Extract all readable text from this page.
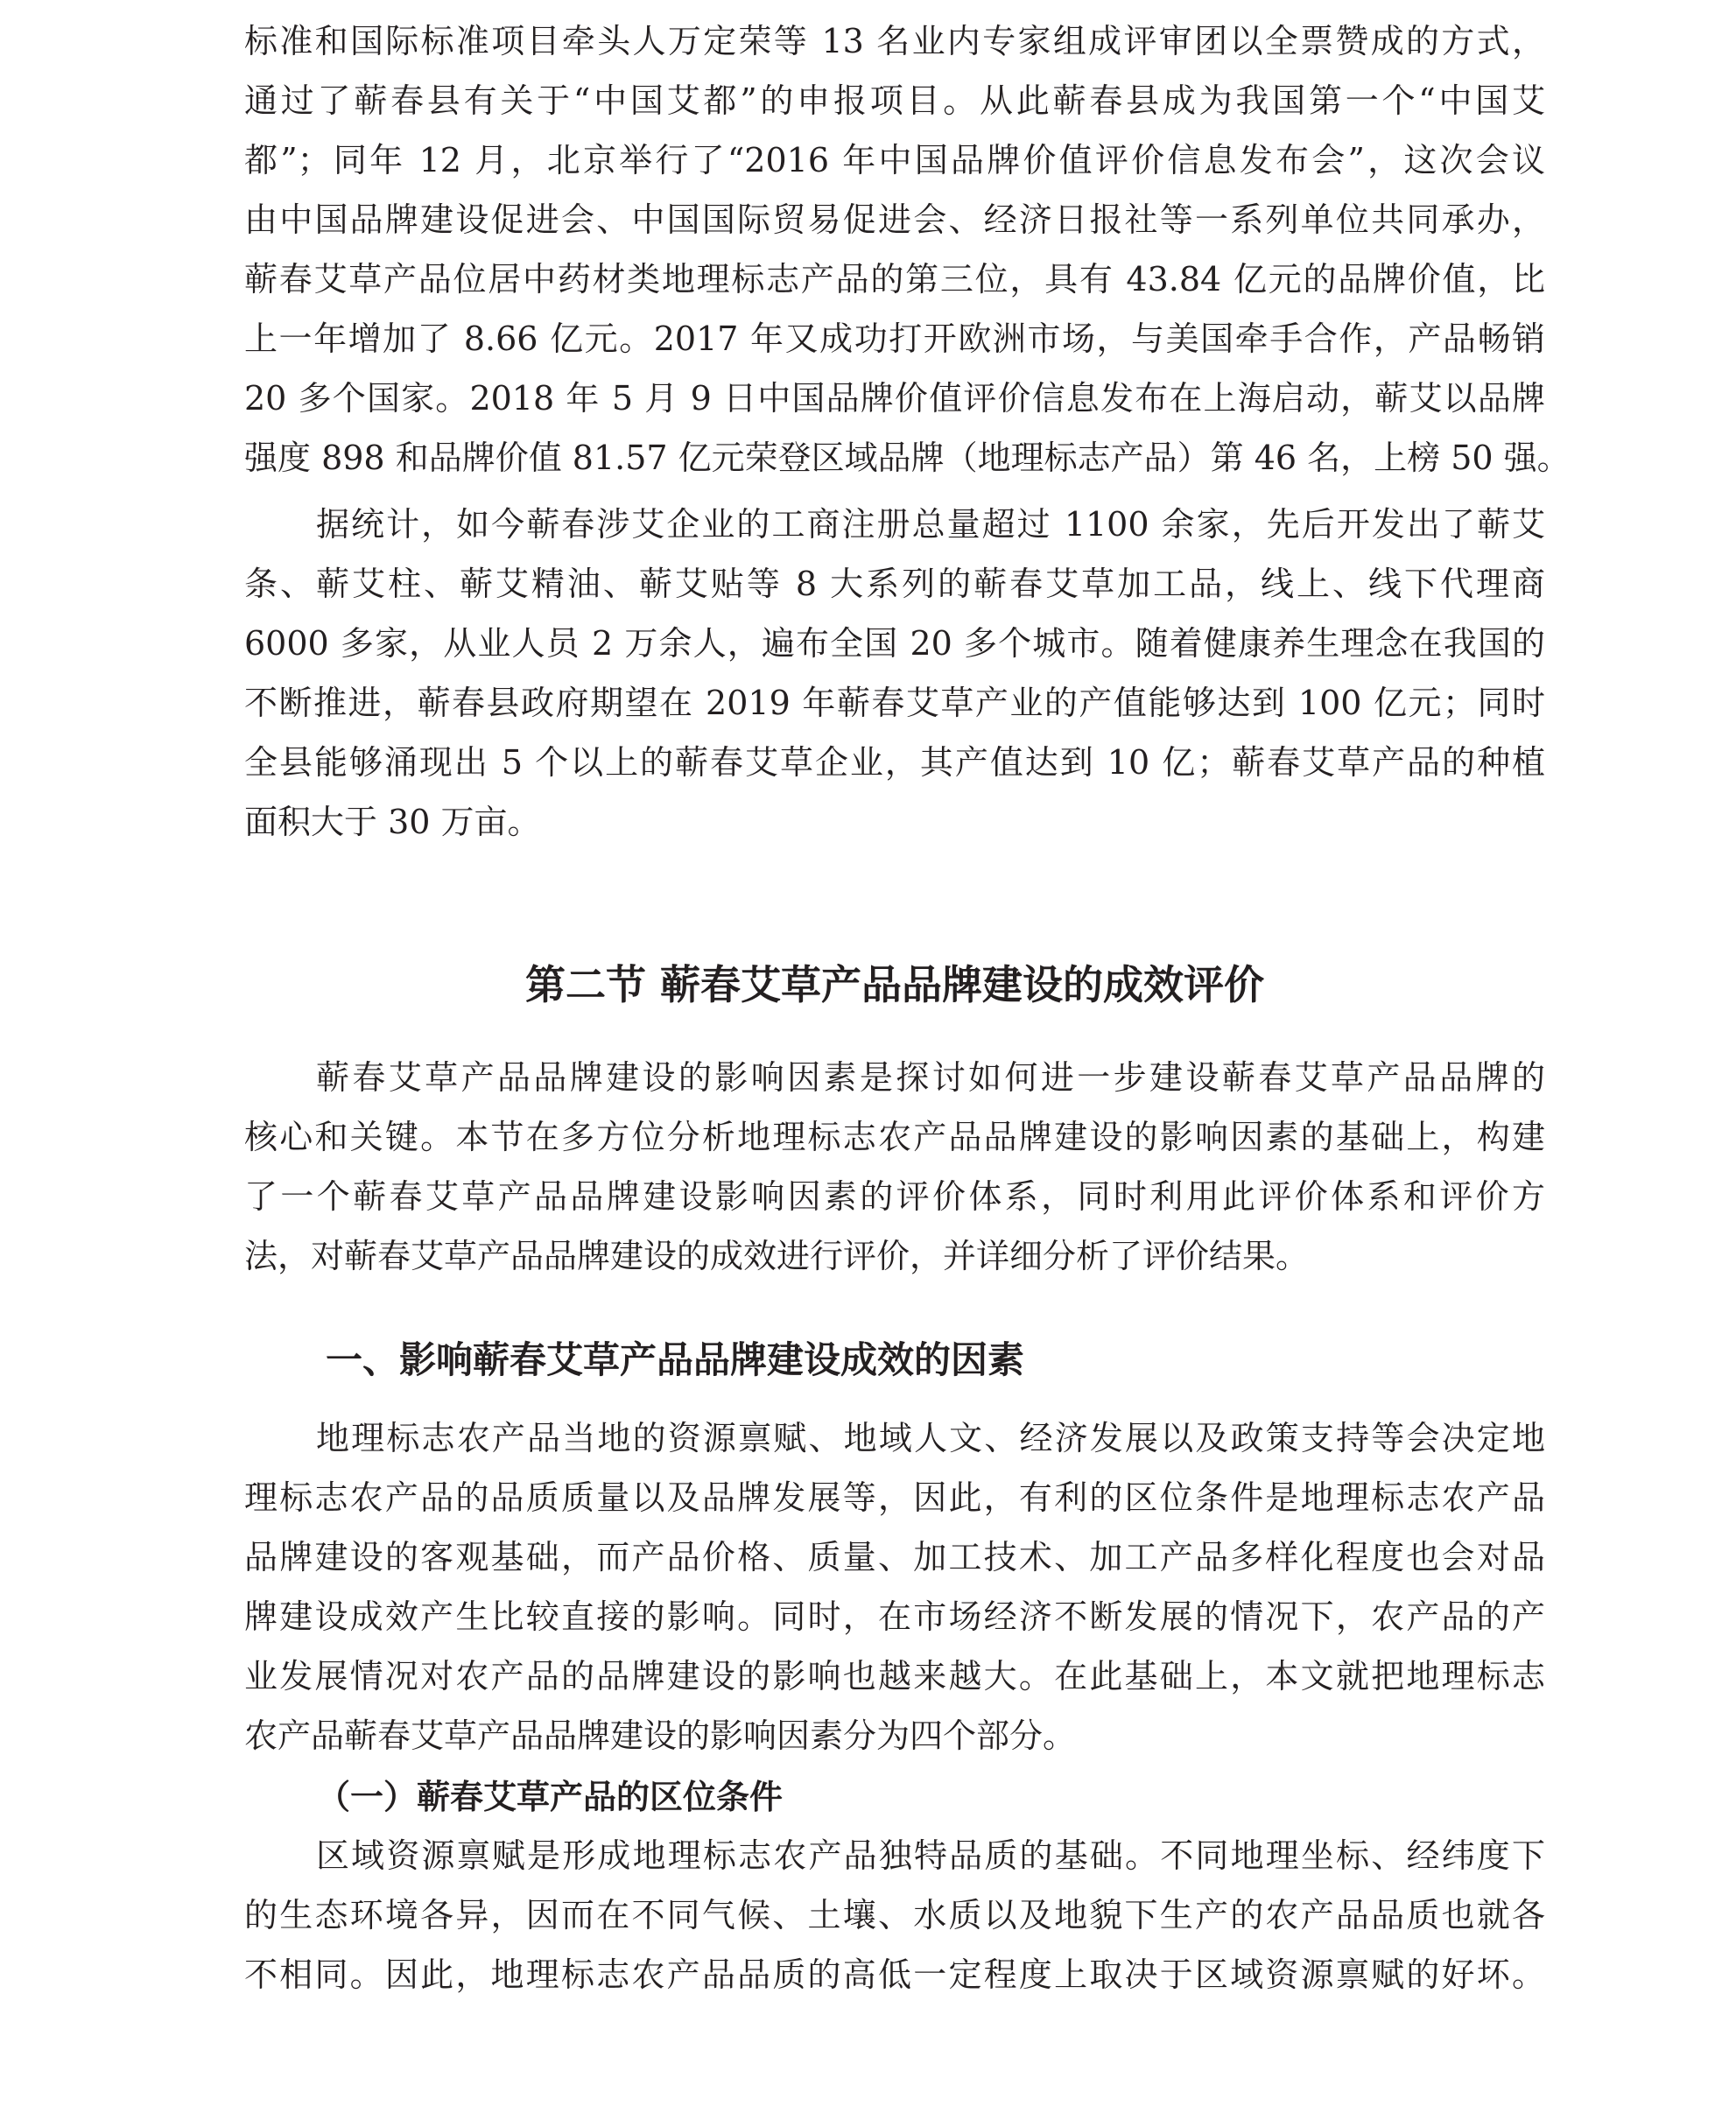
标准和国际标准项目牵头人万定荣等 13 名业内专家组成评审团以全票赞成的方式，
通过了蕲春县有关于“中国艾都”的申报项目。从此蕲春县成为我国第一个“中国艾
都”；同年 12 月，北京举行了“2016 年中国品牌价值评价信息发布会”，这次会议
由中国品牌建设促进会、中国国际贸易促进会、经济日报社等一系列单位共同承办，
蕲春艾草产品位居中药材类地理标志产品的第三位，具有 43.84 亿元的品牌价值，比
上一年增加了 8.66 亿元。2017 年又成功打开欧洲市场，与美国牵手合作，产品畅销
20 多个国家。2018 年 5 月 9 日中国品牌价值评价信息发布在上海启动，蕲艾以品牌
强度 898 和品牌价值 81.57 亿元荣登区域品牌（地理标志产品）第 46 名，上榜 50 强。
据统计，如今蕲春涉艾企业的工商注册总量超过 1100 余家，先后开发出了蕲艾
条、蕲艾柱、蕲艾精油、蕲艾贴等 8 大系列的蕲春艾草加工品，线上、线下代理商
6000 多家，从业人员 2 万余人，遍布全国 20 多个城市。随着健康养生理念在我国的
不断推进，蕲春县政府期望在 2019 年蕲春艾草产业的产值能够达到 100 亿元；同时
全县能够涌现出 5 个以上的蕲春艾草企业，其产值达到 10 亿；蕲春艾草产品的种植
面积大于 30 万亩。
第二节 蕲春艾草产品品牌建设的成效评价
蕲春艾草产品品牌建设的影响因素是探讨如何进一步建设蕲春艾草产品品牌的
核心和关键。本节在多方位分析地理标志农产品品牌建设的影响因素的基础上，构建
了一个蕲春艾草产品品牌建设影响因素的评价体系，同时利用此评价体系和评价方
法，对蕲春艾草产品品牌建设的成效进行评价，并详细分析了评价结果。
一、影响蕲春艾草产品品牌建设成效的因素
地理标志农产品当地的资源禀赋、地域人文、经济发展以及政策支持等会决定地
理标志农产品的品质质量以及品牌发展等，因此，有利的区位条件是地理标志农产品
品牌建设的客观基础，而产品价格、质量、加工技术、加工产品多样化程度也会对品
牌建设成效产生比较直接的影响。同时，在市场经济不断发展的情况下，农产品的产
业发展情况对农产品的品牌建设的影响也越来越大。在此基础上，本文就把地理标志
农产品蕲春艾草产品品牌建设的影响因素分为四个部分。
（一）蕲春艾草产品的区位条件
区域资源禀赋是形成地理标志农产品独特品质的基础。不同地理坐标、经纬度下
的生态环境各异，因而在不同气候、土壤、水质以及地貌下生产的农产品品质也就各
不相同。因此，地理标志农产品品质的高低一定程度上取决于区域资源禀赋的好坏。
